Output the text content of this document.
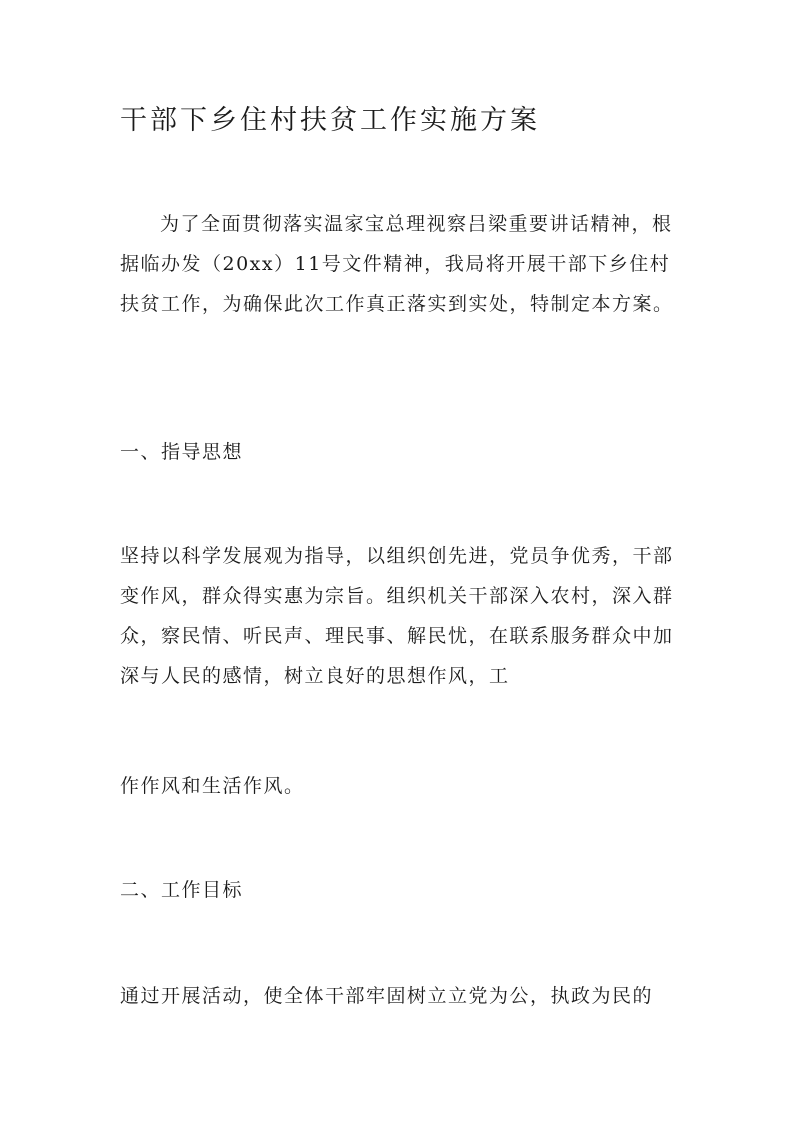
干部下乡住村扶贫工作实施方案

为了全面贯彻落实温家宝总理视察吕梁重要讲话精神，根据临办发（20xx）11号文件精神，我局将开展干部下乡住村扶贫工作，为确保此次工作真正落实到实处，特制定本方案。

一、指导思想

坚持以科学发展观为指导，以组织创先进，党员争优秀，干部变作风，群众得实惠为宗旨。组织机关干部深入农村，深入群众，察民情、听民声、理民事、解民忧，在联系服务群众中加深与人民的感情，树立良好的思想作风，工

作作风和生活作风。

二、工作目标

通过开展活动，使全体干部牢固树立立党为公，执政为民的
